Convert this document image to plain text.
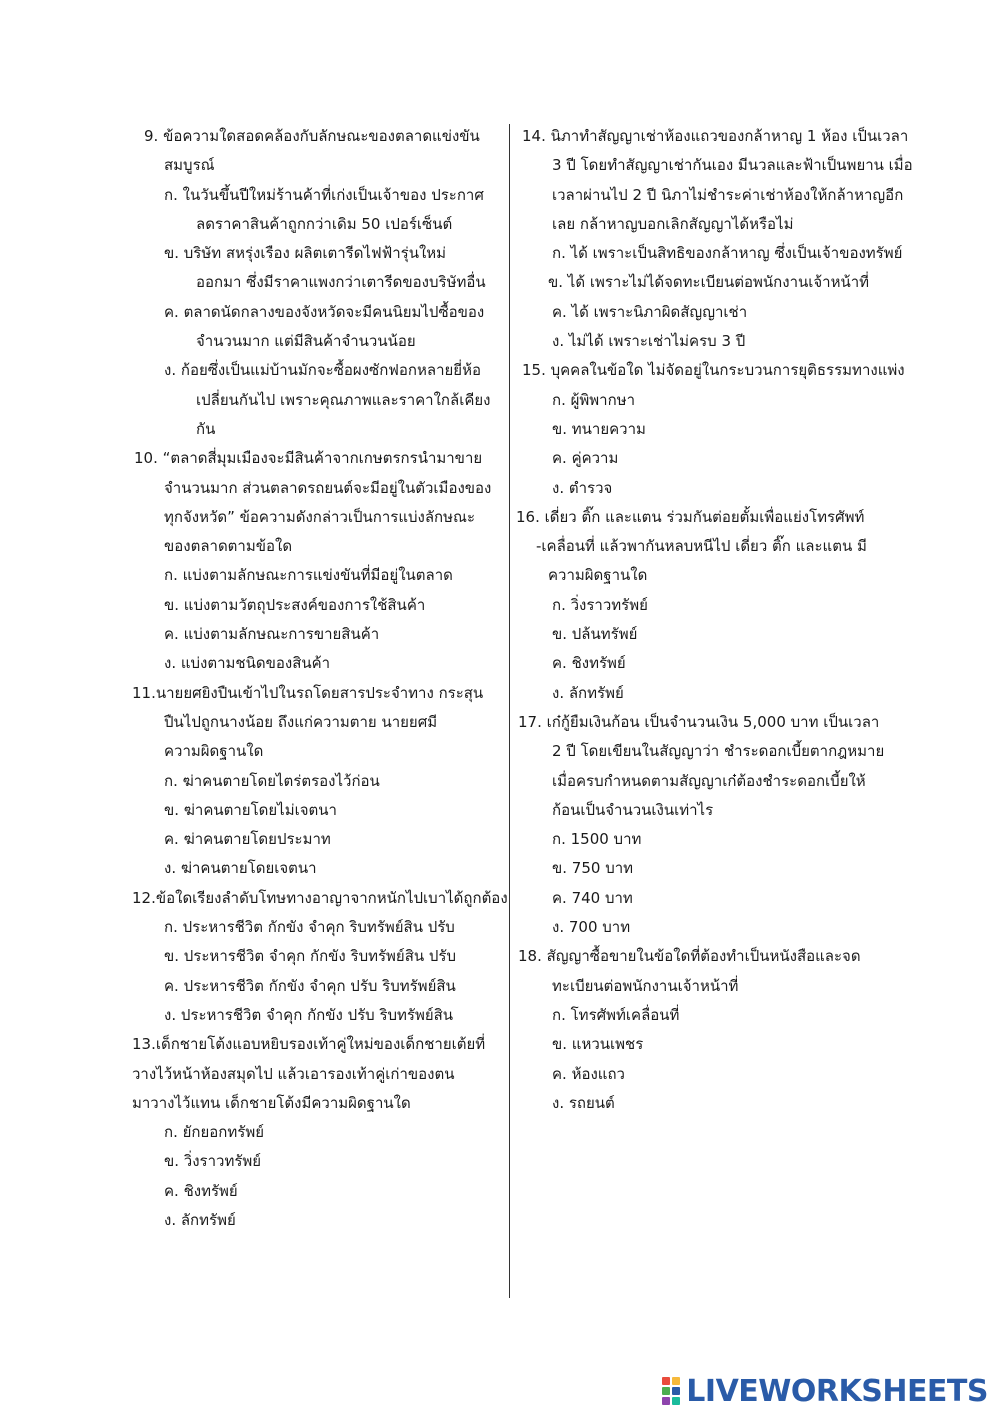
9. ข้อความใดสอดคล้องกับลักษณะของตลาดแข่งขัน
สมบูรณ์
ก. ในวันขึ้นปีใหม่ร้านค้าที่เก่งเป็นเจ้าของ ประกาศ
ลดราคาสินค้าถูกกว่าเดิม 50 เปอร์เซ็นต์
ข. บริษัท สหรุ่งเรือง ผลิตเตารีดไฟฟ้ารุ่นใหม่
ออกมา ซึ่งมีราคาแพงกว่าเตารีดของบริษัทอื่น
ค. ตลาดนัดกลางของจังหวัดจะมีคนนิยมไปซื้อของ
จำนวนมาก แต่มีสินค้าจำนวนน้อย
ง. ก้อยซึ่งเป็นแม่บ้านมักจะซื้อผงซักฟอกหลายยี่ห้อ
เปลี่ยนกันไป เพราะคุณภาพและราคาใกล้เคียง
กัน
10. “ตลาดสี่มุมเมืองจะมีสินค้าจากเกษตรกรนำมาขาย
จำนวนมาก ส่วนตลาดรถยนต์จะมีอยู่ในตัวเมืองของ
ทุกจังหวัด” ข้อความดังกล่าวเป็นการแบ่งลักษณะ
ของตลาดตามข้อใด
ก. แบ่งตามลักษณะการแข่งขันที่มีอยู่ในตลาด
ข. แบ่งตามวัตถุประสงค์ของการใช้สินค้า
ค. แบ่งตามลักษณะการขายสินค้า
ง. แบ่งตามชนิดของสินค้า
11.นายยศยิงปืนเข้าไปในรถโดยสารประจำทาง กระสุน
ปืนไปถูกนางน้อย ถึงแก่ความตาย นายยศมี
ความผิดฐานใด
ก. ฆ่าคนตายโดยไตร่ตรองไว้ก่อน
ข. ฆ่าคนตายโดยไม่เจตนา
ค. ฆ่าคนตายโดยประมาท
ง. ฆ่าคนตายโดยเจตนา
12.ข้อใดเรียงลำดับโทษทางอาญาจากหนักไปเบาได้ถูกต้อง
ก. ประหารชีวิต กักขัง จำคุก ริบทรัพย์สิน ปรับ
ข. ประหารชีวิต จำคุก กักขัง ริบทรัพย์สิน ปรับ
ค. ประหารชีวิต กักขัง จำคุก ปรับ ริบทรัพย์สิน
ง. ประหารชีวิต จำคุก กักขัง ปรับ ริบทรัพย์สิน
13.เด็กชายโต้งแอบหยิบรองเท้าคู่ใหม่ของเด็กชายเต้ยที่
วางไว้หน้าห้องสมุดไป แล้วเอารองเท้าคู่เก่าของตน
มาวางไว้แทน เด็กชายโต้งมีความผิดฐานใด
ก. ยักยอกทรัพย์
ข. วิ่งราวทรัพย์
ค. ชิงทรัพย์
ง. ลักทรัพย์
14. นิภาทำสัญญาเช่าห้องแถวของกล้าหาญ 1 ห้อง เป็นเวลา
3 ปี โดยทำสัญญาเช่ากันเอง มีนวลและฟ้าเป็นพยาน เมื่อ
เวลาผ่านไป 2 ปี นิภาไม่ชำระค่าเช่าห้องให้กล้าหาญอีก
เลย กล้าหาญบอกเลิกสัญญาได้หรือไม่
ก. ได้ เพราะเป็นสิทธิของกล้าหาญ ซึ่งเป็นเจ้าของทรัพย์
ข. ได้ เพราะไม่ได้จดทะเบียนต่อพนักงานเจ้าหน้าที่
ค. ได้ เพราะนิภาผิดสัญญาเช่า
ง. ไม่ได้ เพราะเช่าไม่ครบ 3 ปี
15. บุคคลในข้อใด ไม่จัดอยู่ในกระบวนการยุติธรรมทางแพ่ง
ก. ผู้พิพากษา
ข. ทนายความ
ค. คู่ความ
ง. ตำรวจ
16. เดี่ยว ติ๊ก และแตน ร่วมกันต่อยตั้มเพื่อแย่งโทรศัพท์
-เคลื่อนที่ แล้วพากันหลบหนีไป เดี่ยว ติ๊ก และแตน มี
ความผิดฐานใด
ก. วิ่งราวทรัพย์
ข. ปล้นทรัพย์
ค. ชิงทรัพย์
ง. ลักทรัพย์
17. เก๋กู้ยืมเงินก้อน เป็นจำนวนเงิน 5,000 บาท เป็นเวลา
2 ปี โดยเขียนในสัญญาว่า ชำระดอกเบี้ยตากฎหมาย
เมื่อครบกำหนดตามสัญญาเก๋ต้องชำระดอกเบี้ยให้
ก้อนเป็นจำนวนเงินเท่าไร
ก. 1500 บาท
ข. 750 บาท
ค. 740 บาท
ง. 700 บาท
18. สัญญาซื้อขายในข้อใดที่ต้องทำเป็นหนังสือและจด
ทะเบียนต่อพนักงานเจ้าหน้าที่
ก. โทรศัพท์เคลื่อนที่
ข. แหวนเพชร
ค. ห้องแถว
ง. รถยนต์
LIVEWORKSHEETS
